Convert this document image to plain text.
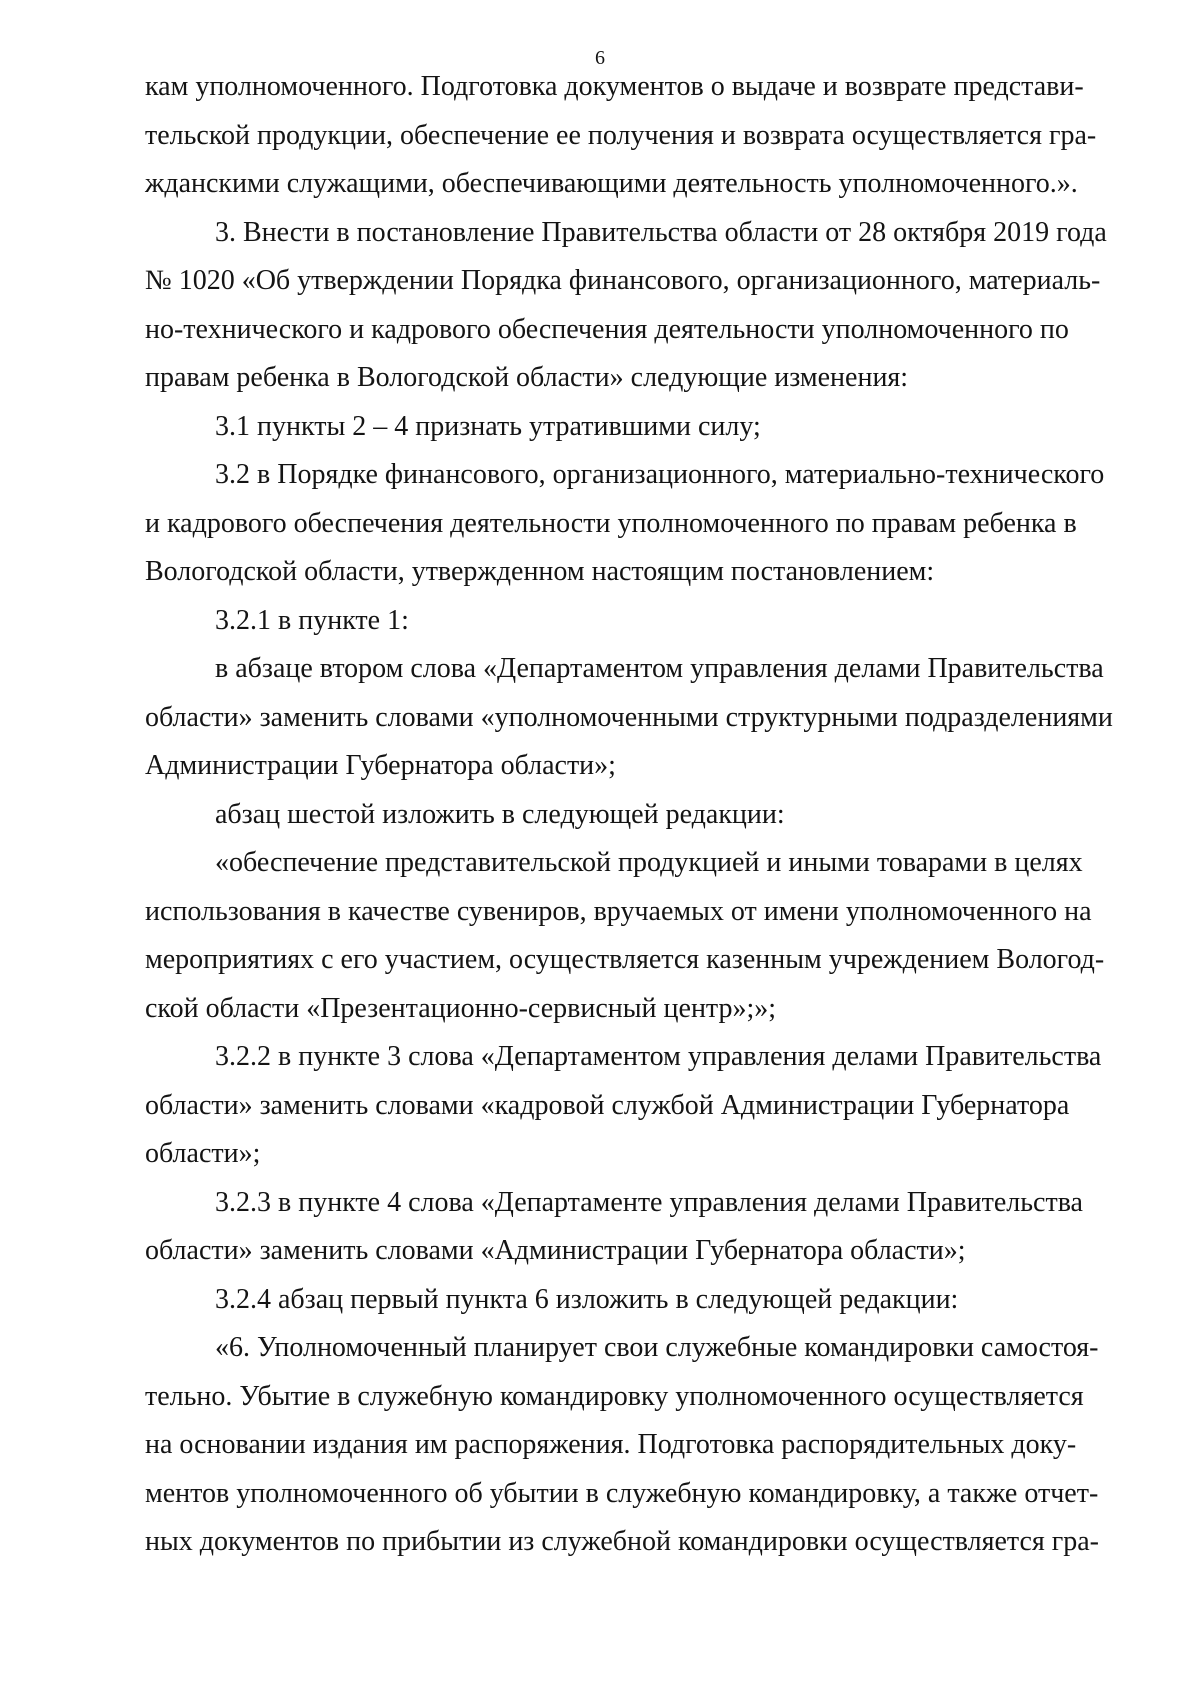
6
кам уполномоченного. Подготовка документов о выдаче и возврате представи-
тельской продукции, обеспечение ее получения и возврата осуществляется гра-
жданскими служащими, обеспечивающими деятельность уполномоченного.».
3. Внести в постановление Правительства области от 28 октября 2019 года
№ 1020 «Об утверждении Порядка финансового, организационного, материаль-
но-технического и кадрового обеспечения деятельности уполномоченного по
правам ребенка в Вологодской области» следующие изменения:
3.1 пункты 2 – 4 признать утратившими силу;
3.2 в Порядке финансового, организационного, материально-технического
и кадрового обеспечения деятельности уполномоченного по правам ребенка в
Вологодской области, утвержденном настоящим постановлением:
3.2.1 в пункте 1:
в абзаце втором слова «Департаментом управления делами Правительства
области» заменить словами «уполномоченными структурными подразделениями
Администрации Губернатора области»;
абзац шестой изложить в следующей редакции:
«обеспечение представительской продукцией и иными товарами в целях
использования в качестве сувениров, вручаемых от имени уполномоченного на
мероприятиях с его участием, осуществляется казенным учреждением Вологод-
ской области «Презентационно-сервисный центр»;»;
3.2.2 в пункте 3 слова «Департаментом управления делами Правительства
области» заменить словами «кадровой службой Администрации Губернатора
области»;
3.2.3 в пункте 4 слова «Департаменте управления делами Правительства
области» заменить словами «Администрации Губернатора области»;
3.2.4 абзац первый пункта 6 изложить в следующей редакции:
«6. Уполномоченный планирует свои служебные командировки самостоя-
тельно. Убытие в служебную командировку уполномоченного осуществляется
на основании издания им распоряжения. Подготовка распорядительных доку-
ментов уполномоченного об убытии в служебную командировку, а также отчет-
ных документов по прибытии из служебной командировки осуществляется гра-
